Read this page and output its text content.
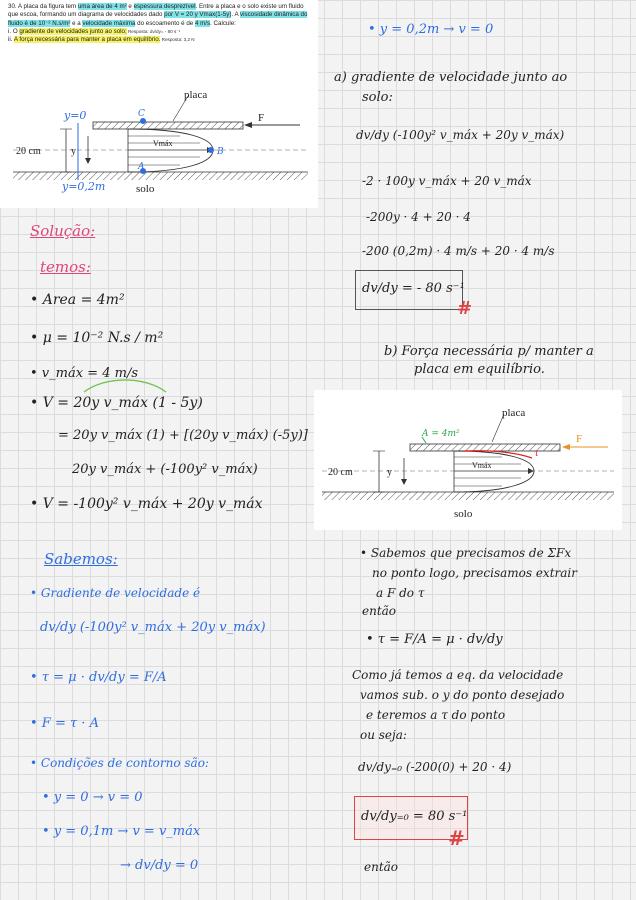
30. A placa da figura tem uma área de 4 m² e espessura desprezível. Entre a placa e o solo existe um fluido que escoa, formando um diagrama de velocidades dado por V = 20 y Vmax(1-5y). A viscosidade dinâmica do fluido é de 10⁻² N.s/m² e a velocidade máxima do escoamento é de 4 m/s. Calcule:
i. O gradiente de velocidades junto ao solo; Resposta: dv/dy= - 80 s⁻¹
ii. A força necessária para manter a placa em equilíbrio. Resposta: 3,2 N
placa
F
20 cm	y
Vmáx
solo
y=0
y=0,2m
C
A
B
Solução:
temos:
• Area = 4m²
• μ = 10⁻² N.s / m²
• v_máx = 4 m/s
• V = 20y v_máx (1 - 5y)
= 20y v_máx (1) + [(20y v_máx) (-5y)]
20y v_máx + (-100y² v_máx)
• V = -100y² v_máx + 20y v_máx
Sabemos:
• Gradiente de velocidade é
dv/dy (-100y² v_máx + 20y v_máx)
• τ = μ · dv/dy = F/A
• F = τ · A
• Condições de contorno são:
• y = 0 → v = 0
• y = 0,1m → v = v_máx
→ dv/dy = 0
• y = 0,2m → v = 0
a) gradiente de velocidade junto ao
solo:
dv/dy (-100y² v_máx + 20y v_máx)
-2 · 100y v_máx + 20 v_máx
-200y · 4 + 20 · 4
-200 (0,2m) · 4 m/s + 20 · 4 m/s
dv/dy = - 80 s⁻¹
#
b) Força necessária p/ manter a
placa em equilíbrio.
placa
F
20 cm	y
Vmáx
solo
A = 4m²
τ
• Sabemos que precisamos de ΣFx
no ponto logo, precisamos extrair
a F do τ
então
• τ = F/A = μ · dv/dy
Como já temos a eq. da velocidade
vamos sub. o y do ponto desejado
e teremos a τ do ponto
ou seja:
dv/dy₌₀ (-200(0) + 20 · 4)
dv/dy₌₀ = 80 s⁻¹
#
então
